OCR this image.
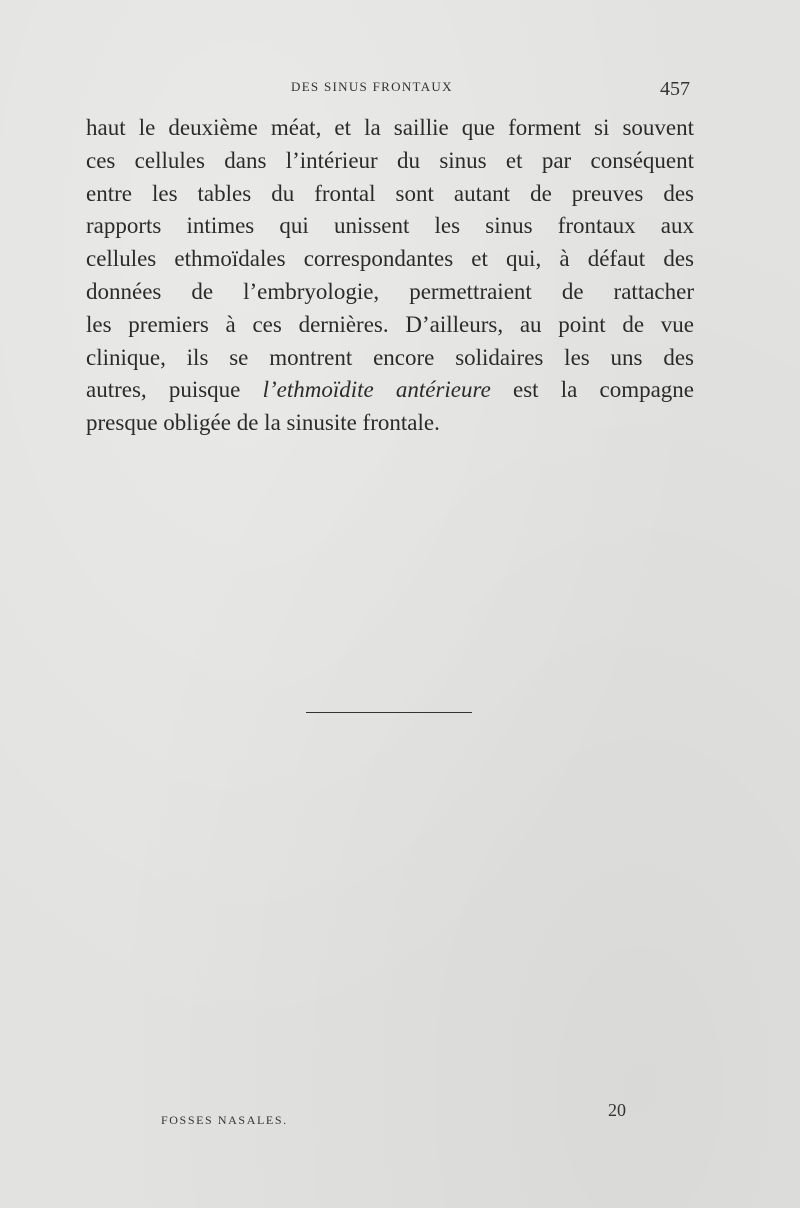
DES SINUS FRONTAUX	457
haut le deuxième méat, et la saillie que forment si souvent
ces cellules dans l’intérieur du sinus et par conséquent
entre les tables du frontal sont autant de preuves des
rapports intimes qui unissent les sinus frontaux aux
cellules ethmoïdales correspondantes et qui, à défaut des
données de l’embryologie, permettraient de rattacher
les premiers à ces dernières. D’ailleurs, au point de vue
clinique, ils se montrent encore solidaires les uns des
autres, puisque l’ethmoïdite antérieure est la compagne
presque obligée de la sinusite frontale.
FOSSES NASALES.	20
